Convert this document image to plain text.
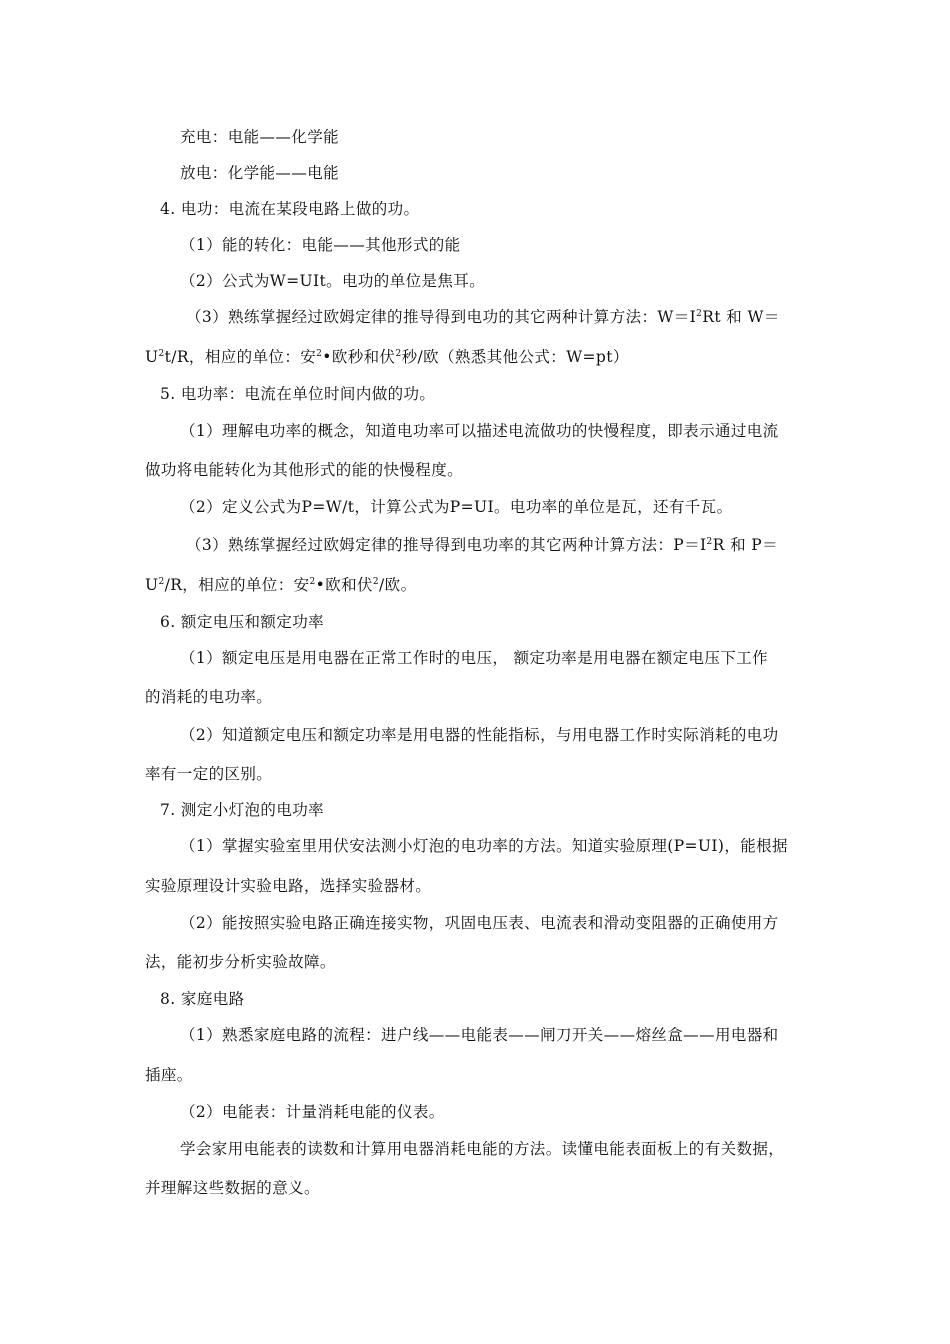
充电：电能——化学能
放电：化学能——电能
4. 电功：电流在某段电路上做的功。
（1）能的转化：电能——其他形式的能
（2）公式为W=UIt。电功的单位是焦耳。
（3）熟练掌握经过欧姆定律的推导得到电功的其它两种计算方法：$W=I^2Rt$ 和 W＝
$U^2t/R$，相应的单位：安$^2$•欧秒和伏$^2$秒/欧（熟悉其他公式：W=pt）
5. 电功率：电流在单位时间内做的功。
（1）理解电功率的概念，知道电功率可以描述电流做功的快慢程度，即表示通过电流
做功将电能转化为其他形式的能的快慢程度。
（2）定义公式为P=W/t，计算公式为P=UI。电功率的单位是瓦，还有千瓦。
（3）熟练掌握经过欧姆定律的推导得到电功率的其它两种计算方法：$P=I^2R$ 和 P＝
$U^2/R$，相应的单位：安$^2$•欧和伏$^2$/欧。
6. 额定电压和额定功率
（1）额定电压是用电器在正常工作时的电压， 额定功率是用电器在额定电压下工作
的消耗的电功率。
（2）知道额定电压和额定功率是用电器的性能指标，与用电器工作时实际消耗的电功
率有一定的区别。
7. 测定小灯泡的电功率
（1）掌握实验室里用伏安法测小灯泡的电功率的方法。知道实验原理(P=UI)，能根据
实验原理设计实验电路，选择实验器材。
（2）能按照实验电路正确连接实物，巩固电压表、电流表和滑动变阻器的正确使用方
法，能初步分析实验故障。
8. 家庭电路
（1）熟悉家庭电路的流程：进户线——电能表——闸刀开关——熔丝盒——用电器和
插座。
（2）电能表：计量消耗电能的仪表。
学会家用电能表的读数和计算用电器消耗电能的方法。读懂电能表面板上的有关数据，
并理解这些数据的意义。
